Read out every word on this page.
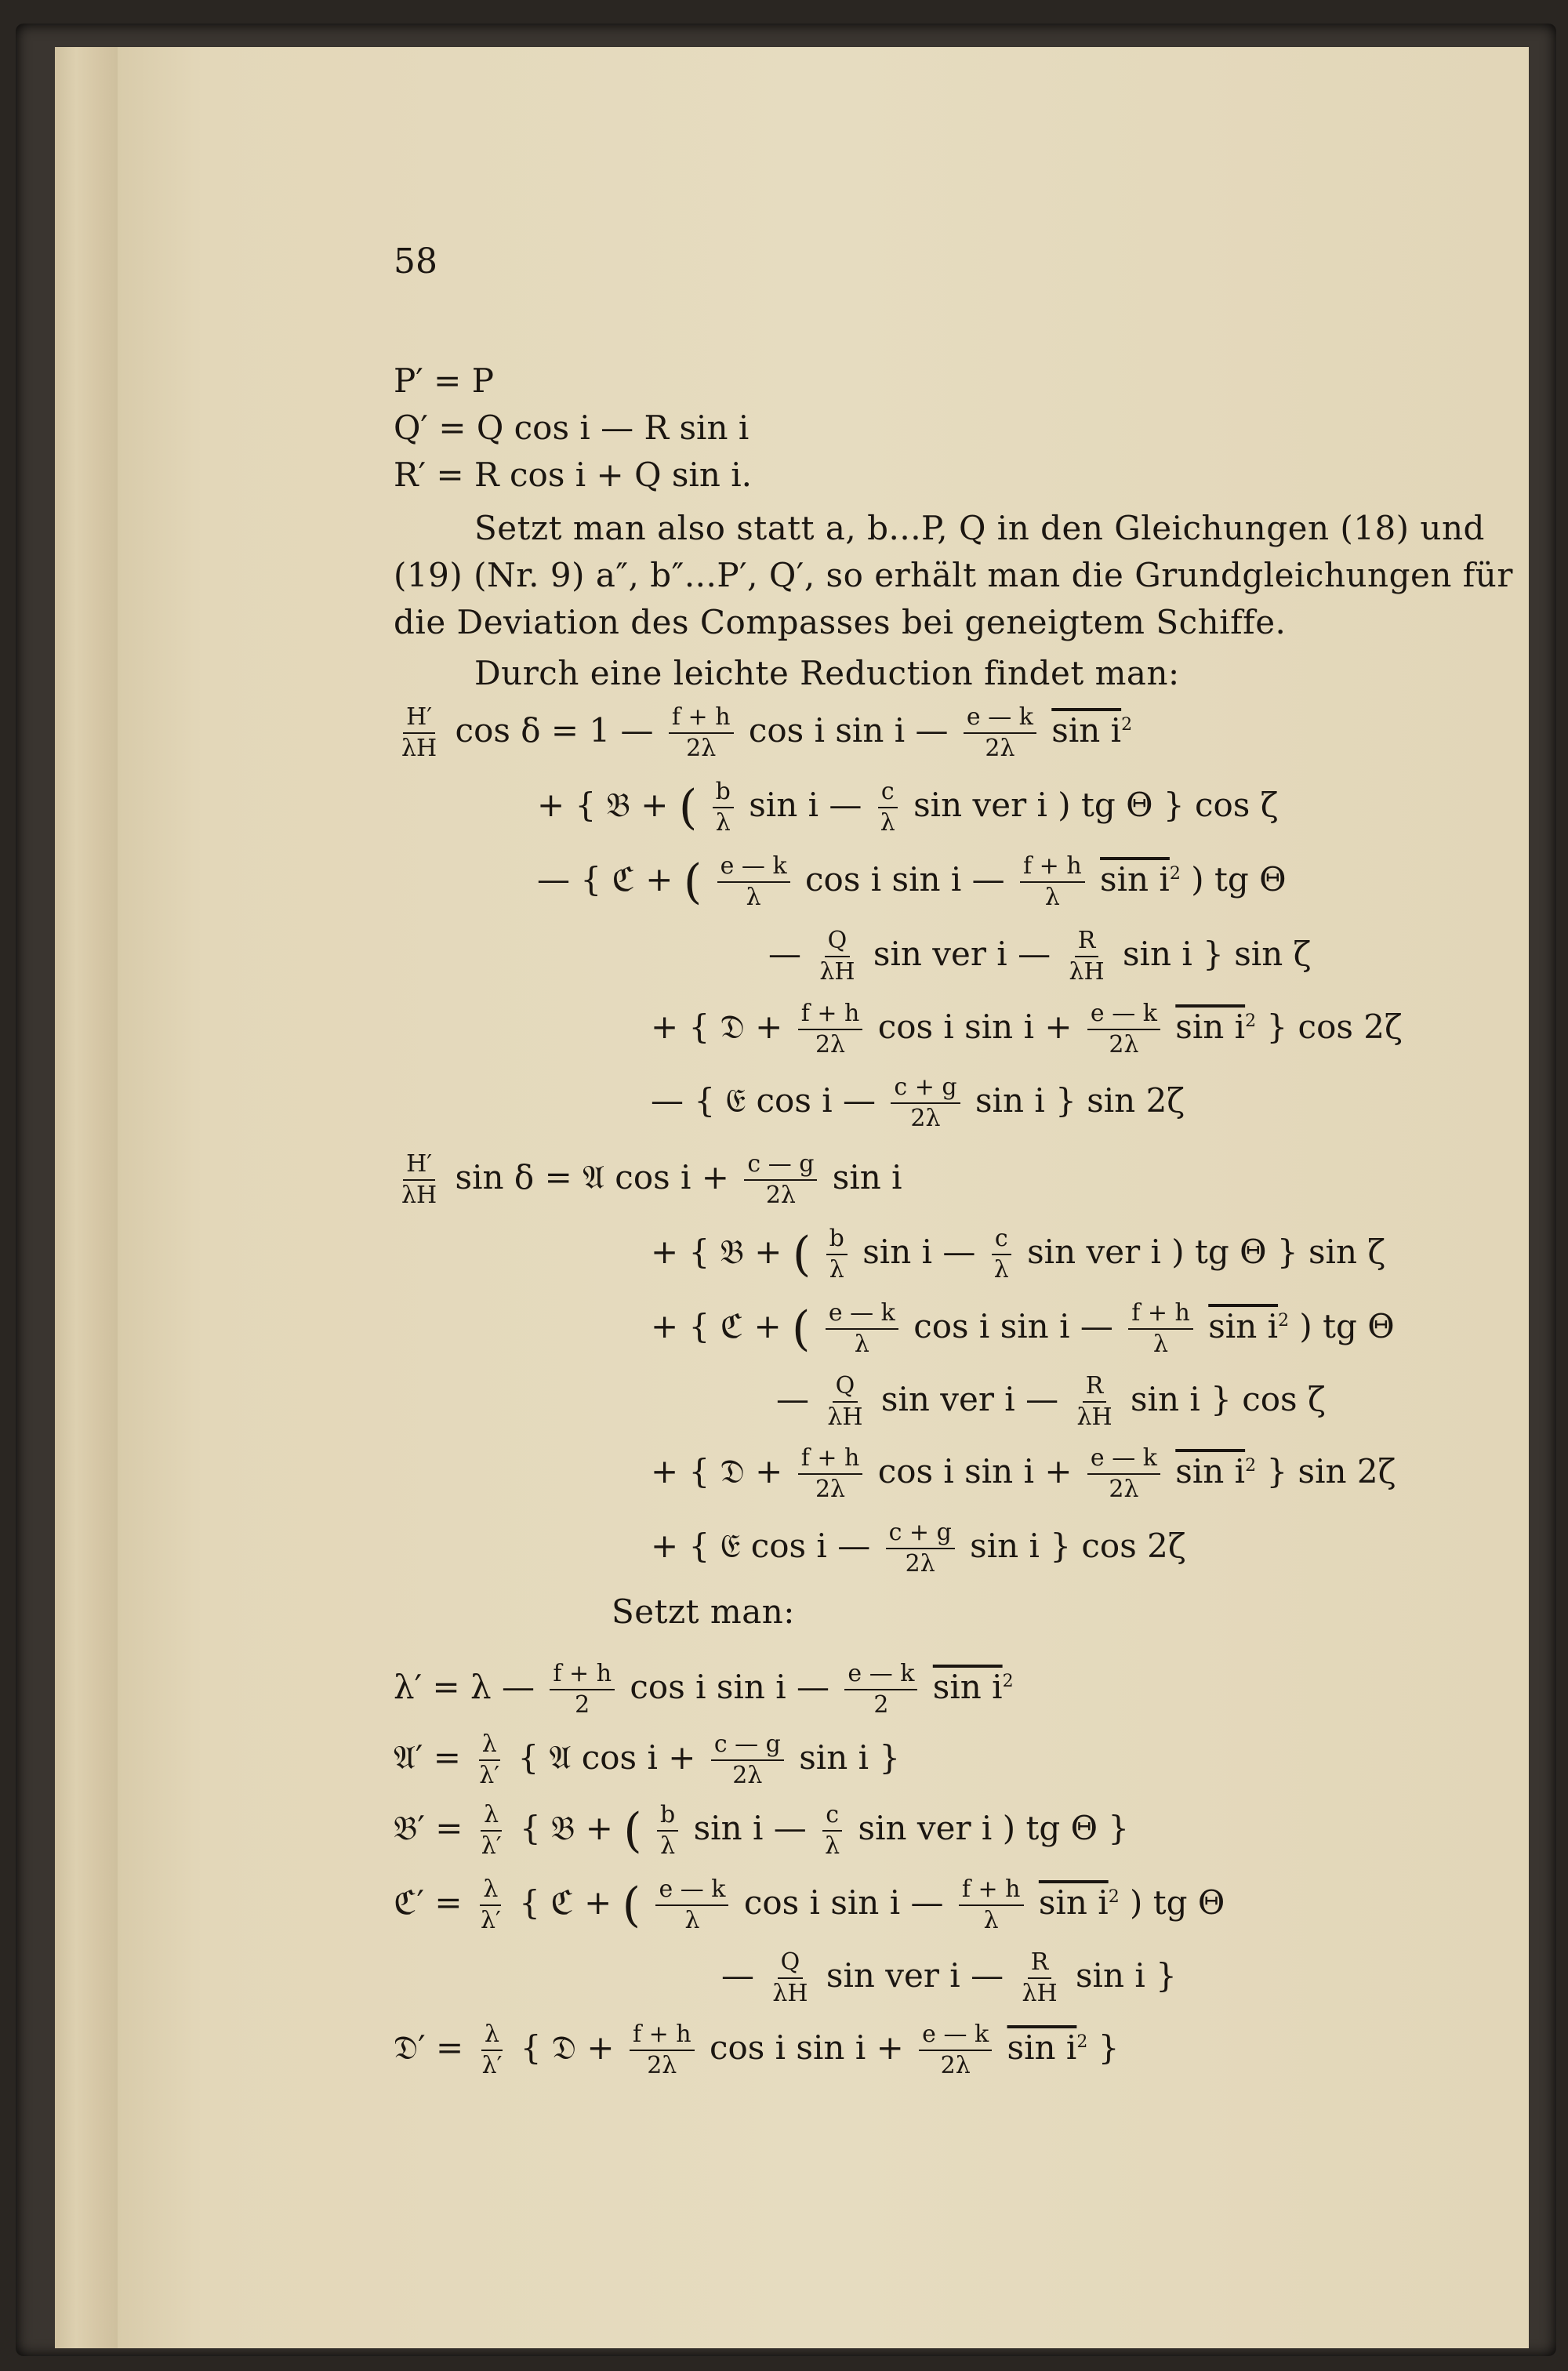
58
P′ = P
Q′ = Q cos i — R sin i
R′ = R cos i + Q sin i.
Setzt man also statt a, b...P, Q in den Gleichungen (18) und
(19) (Nr. 9) a″, b″...P′, Q′, so erhält man die Grundgleichungen für
die Deviation des Compasses bei geneigtem Schiffe.
Durch eine leichte Reduction findet man:
$\frac{H'}{\lambda H}$ cos δ = 1 — $\frac{f + h}{2\lambda}$ cos i sin i — $\frac{e — k}{2\lambda}$ $\sin i^2$
+ { 𝔅 + ( $\frac{b}{\lambda}$ sin i — $\frac{c}{\lambda}$ sin ver i ) tg Θ } cos ζ
— { ℭ + ( $\frac{e — k}{\lambda}$ cos i sin i — $\frac{f + h}{\lambda}$ $\sin i^2$ ) tg Θ
— $\frac{Q}{\lambda H}$ sin ver i — $\frac{R}{\lambda H}$ sin i } sin ζ
+ { 𝔇 + $\frac{f + h}{2\lambda}$ cos i $\sin i + \frac{e — k}{2\lambda}$ $\sin i^2$ } cos 2ζ
— { 𝔈 cos i — $\frac{c + g}{2\lambda}$ sin i } sin 2ζ
$\frac{H'}{\lambda H}$ sin δ = 𝔄 $\cos i + \frac{c — g}{2\lambda}$ sin i
+ { 𝔅 + ( $\frac{b}{\lambda}$ sin i — $\frac{c}{\lambda}$ sin ver i ) tg Θ } sin ζ
+ { ℭ + ( $\frac{e — k}{\lambda}$ cos i sin i — $\frac{f + h}{\lambda}$ $\sin i^2$ ) tg Θ
— $\frac{Q}{\lambda H}$ sin ver i — $\frac{R}{\lambda H}$ sin i } cos ζ
+ { 𝔇 + $\frac{f + h}{2\lambda}$ cos i $\sin i + \frac{e — k}{2\lambda}$ $\sin i^2$ } sin 2ζ
+ { 𝔈 cos i — $\frac{c + g}{2\lambda}$ sin i } cos 2ζ
Setzt man:
λ′ = λ — $\frac{f + h}{2}$ cos i sin i — $\frac{e — k}{2}$ $\sin i^2$
𝔄′ = $\frac{\lambda}{\lambda'}$ { 𝔄 $\cos i + \frac{c — g}{2\lambda}$ sin i }
𝔅′ = $\frac{\lambda}{\lambda'}$ { 𝔅 + ( $\frac{b}{\lambda}$ sin i — $\frac{c}{\lambda}$ sin ver i ) tg Θ }
ℭ′ = $\frac{\lambda}{\lambda'}$ { ℭ + ( $\frac{e — k}{\lambda}$ cos i sin i — $\frac{f + h}{\lambda}$ $\sin i^2$ ) tg Θ
— $\frac{Q}{\lambda H}$ sin ver i — $\frac{R}{\lambda H}$ sin i }
𝔇′ = $\frac{\lambda}{\lambda'}$ { 𝔇 + $\frac{f + h}{2\lambda}$ cos i $\sin i + \frac{e — k}{2\lambda}$ $\sin i^2$ }
